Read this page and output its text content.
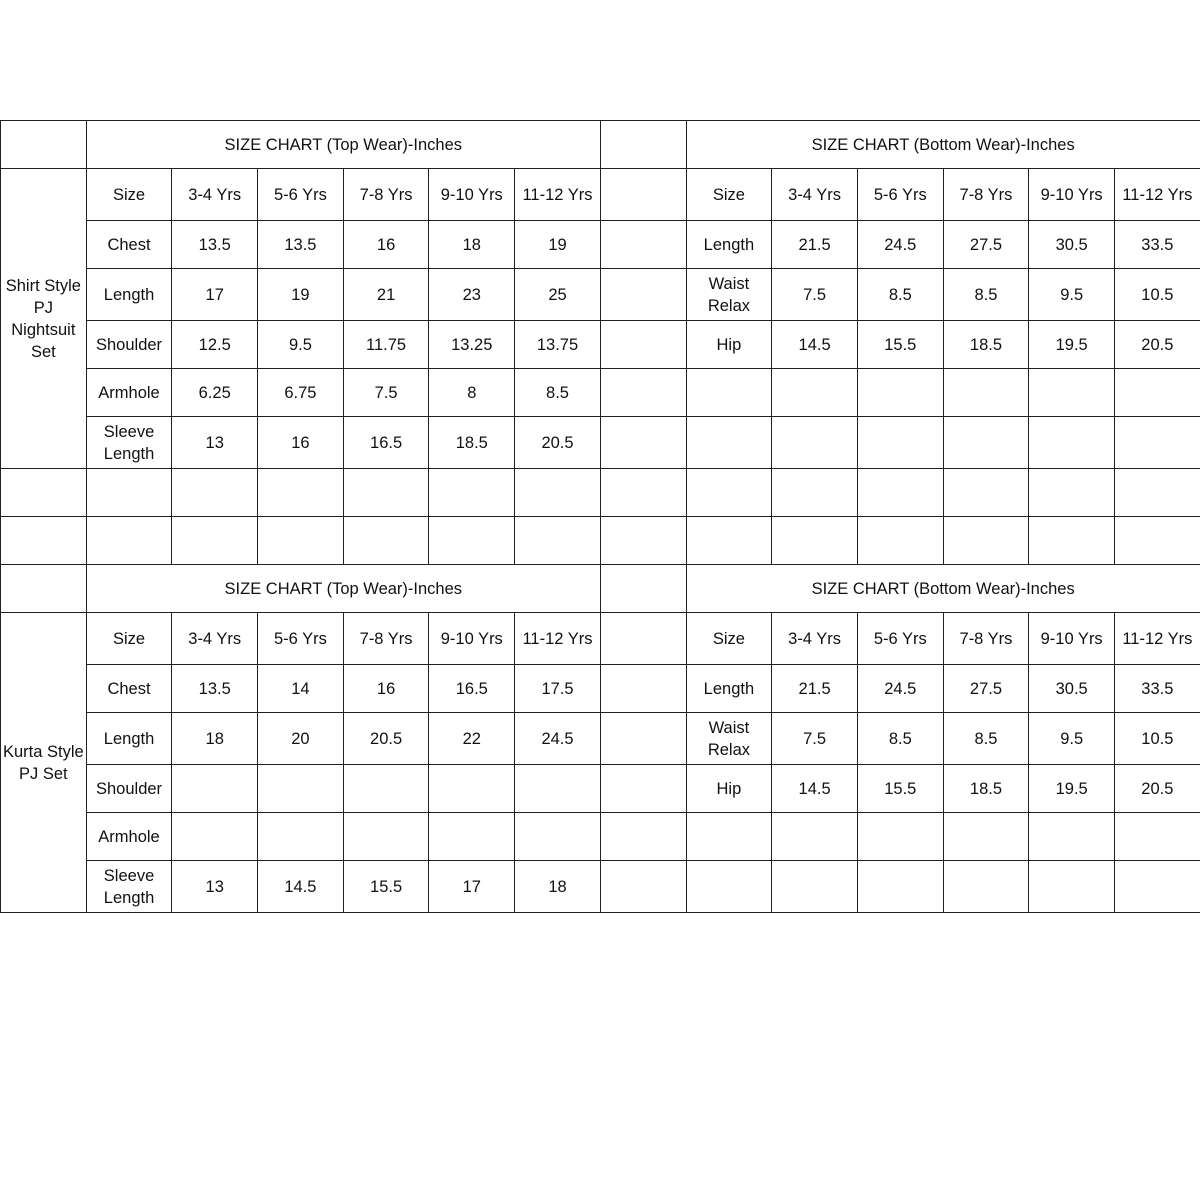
	SIZE CHART (Top Wear)-Inches							SIZE CHART (Bottom Wear)-Inches					
Shirt Style PJ Nightsuit Set	Size	3-4 Yrs	5-6 Yrs	7-8 Yrs	9-10 Yrs	11-12 Yrs		Size	3-4 Yrs	5-6 Yrs	7-8 Yrs	9-10 Yrs	11-12 Yrs
	Chest	13.5	13.5	16	18	19		Length	21.5	24.5	27.5	30.5	33.5
	Length	17	19	21	23	25		Waist Relax	7.5	8.5	8.5	9.5	10.5
	Shoulder	12.5	9.5	11.75	13.25	13.75		Hip	14.5	15.5	18.5	19.5	20.5
	Armhole	6.25	6.75	7.5	8	8.5							
	Sleeve Length	13	16	16.5	18.5	20.5							

	SIZE CHART (Top Wear)-Inches							SIZE CHART (Bottom Wear)-Inches					
Kurta Style PJ Set	Size	3-4 Yrs	5-6 Yrs	7-8 Yrs	9-10 Yrs	11-12 Yrs		Size	3-4 Yrs	5-6 Yrs	7-8 Yrs	9-10 Yrs	11-12 Yrs
	Chest	13.5	14	16	16.5	17.5		Length	21.5	24.5	27.5	30.5	33.5
	Length	18	20	20.5	22	24.5		Waist Relax	7.5	8.5	8.5	9.5	10.5
	Shoulder							Hip	14.5	15.5	18.5	19.5	20.5
	Armhole												
	Sleeve Length	13	14.5	15.5	17	18							
